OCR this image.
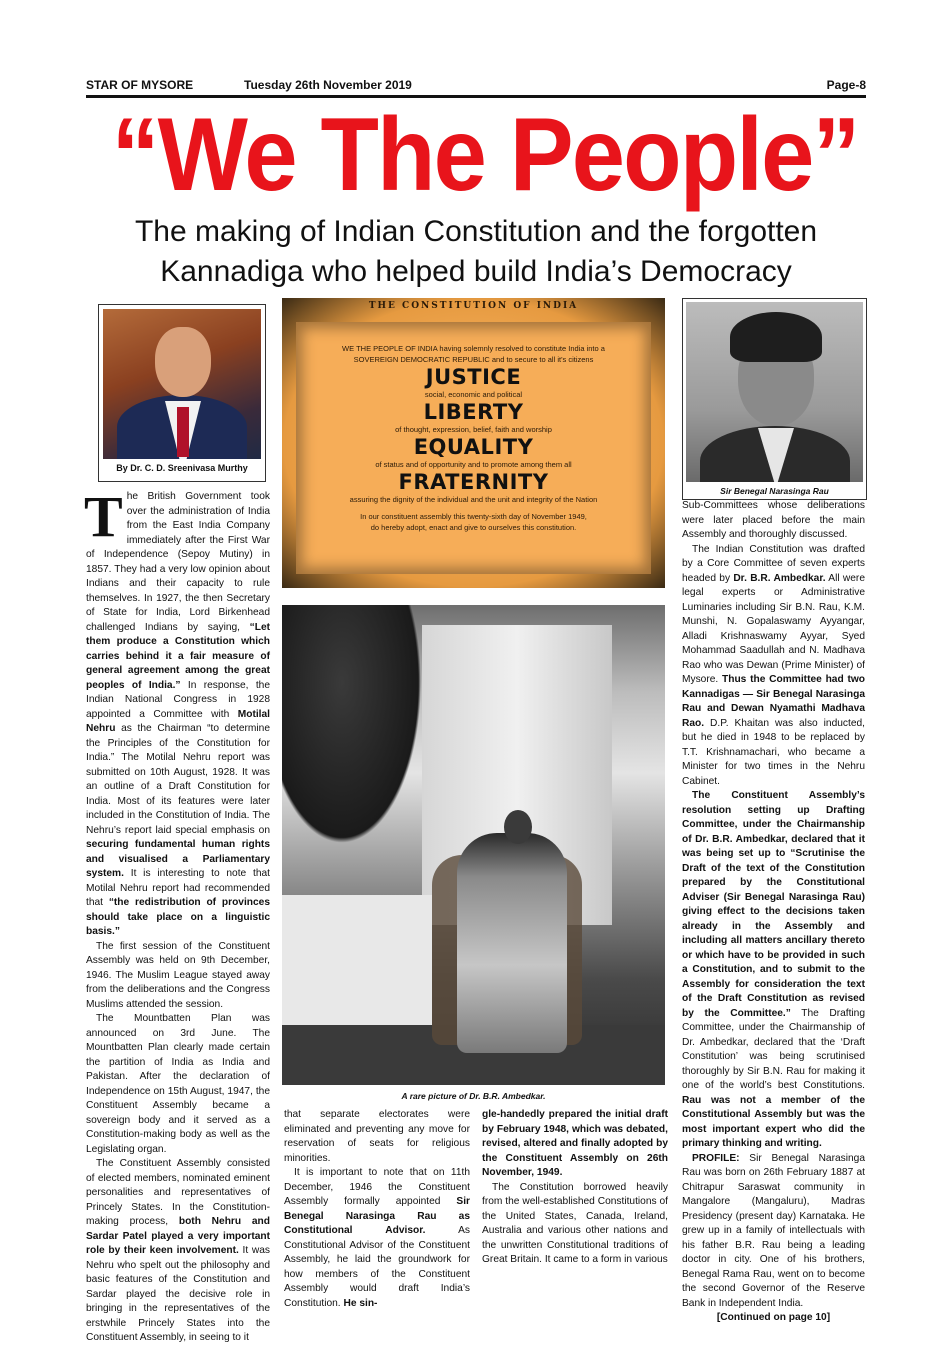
STAR OF MYSORE	Tuesday 26th November 2019	Page-8
“We The People”
The making of Indian Constitution and the forgotten
Kannadiga who helped build India’s Democracy
By Dr. C. D. Sreenivasa Murthy

The British Government took over the administration of India from the East India Company immediately after the First War of Independence (Sepoy Mutiny) in 1857. They had a very low opinion about Indians and their capacity to rule themselves. In 1927, the then Secretary of State for India, Lord Birkenhead challenged Indians by saying, “Let them produce a Constitution which carries behind it a fair measure of general agreement among the great peoples of India.” In response, the Indian National Congress in 1928 appointed a Committee with Motilal Nehru as the Chairman “to determine the Principles of the Constitution for India.” The Motilal Nehru report was submitted on 10th August, 1928. It was an outline of a Draft Constitution for India. Most of its features were later included in the Constitution of India. The Nehru’s report laid special emphasis on securing fundamental human rights and visualised a Parliamentary system. It is interesting to note that Motilal Nehru report had recommended that “the redistribution of provinces should take place on a linguistic basis.”

The first session of the Constituent Assembly was held on 9th December, 1946. The Muslim League stayed away from the deliberations and the Congress Muslims attended the session.

The Mountbatten Plan was announced on 3rd June. The Mountbatten Plan clearly made certain the partition of India as India and Pakistan. After the declaration of Independence on 15th August, 1947, the Constituent Assembly became a sovereign body and it served as a Constitution-making body as well as the Legislating organ.

The Constituent Assembly consisted of elected members, nominated eminent personalities and representatives of Princely States. In the Constitution-making process, both Nehru and Sardar Patel played a very important role by their keen involvement. It was Nehru who spelt out the philosophy and basic features of the Constitution and Sardar played the decisive role in bringing in the representatives of the erstwhile Princely States into the Constituent Assembly, in seeing to it

THE CONSTITUTION OF INDIA
WE THE PEOPLE OF INDIA having solemnly resolved to constitute India into a
SOVEREIGN DEMOCRATIC REPUBLIC and to secure to all it's citizens
JUSTICE
social, economic and political
LIBERTY
of thought, expression, belief, faith and worship
EQUALITY
of status and of opportunity and to promote among them all
FRATERNITY
assuring the dignity of the individual and the unit and integrity of the Nation
In our constituent assembly this twenty-sixth day of November 1949,
do hereby adopt, enact and give to ourselves this constitution.
A rare picture of Dr. B.R. Ambedkar.
Sir Benegal Narasinga Rau

that separate electorates were eliminated and preventing any move for reservation of seats for religious minorities.

It is important to note that on 11th December, 1946 the Constituent Assembly formally appointed Sir Benegal Narasinga Rau as Constitutional Advisor. As Constitutional Advisor of the Constituent Assembly, he laid the groundwork for how members of the Constituent Assembly would draft India’s Constitution. He sin-

gle-handedly prepared the initial draft by February 1948, which was debated, revised, altered and finally adopted by the Constituent Assembly on 26th November, 1949.

The Constitution borrowed heavily from the well-established Constitutions of the United States, Canada, Ireland, Australia and various other nations and the unwritten Constitutional traditions of Great Britain. It came to a form in various

Sub-Committees whose deliberations were later placed before the main Assembly and thoroughly discussed.

The Indian Constitution was drafted by a Core Committee of seven experts headed by Dr. B.R. Ambedkar. All were legal experts or Administrative Luminaries including Sir B.N. Rau, K.M. Munshi, N. Gopalaswamy Ayyangar, Alladi Krishnaswamy Ayyar, Syed Mohammad Saadullah and N. Madhava Rao who was Dewan (Prime Minister) of Mysore. Thus the Committee had two Kannadigas — Sir Benegal Narasinga Rau and Dewan Nyamathi Madhava Rao. D.P. Khaitan was also inducted, but he died in 1948 to be replaced by T.T. Krishnamachari, who became a Minister for two times in the Nehru Cabinet.

The Constituent Assembly’s resolution setting up Drafting Committee, under the Chairmanship of Dr. B.R. Ambedkar, declared that it was being set up to “Scrutinise the Draft of the text of the Constitution prepared by the Constitutional Adviser (Sir Benegal Narasinga Rau) giving effect to the decisions taken already in the Assembly and including all matters ancillary thereto or which have to be provided in such a Constitution, and to submit to the Assembly for consideration the text of the Draft Constitution as revised by the Committee.” The Drafting Committee, under the Chairmanship of Dr. Ambedkar, declared that the ‘Draft Constitution’ was being scrutinised thoroughly by Sir B.N. Rau for making it one of the world’s best Constitutions. Rau was not a member of the Constitutional Assembly but was the most important expert who did the primary thinking and writing.

PROFILE: Sir Benegal Narasinga Rau was born on 26th February 1887 at Chitrapur Saraswat community in Mangalore (Mangaluru), Madras Presidency (present day) Karnataka. He grew up in a family of intellectuals with his father B.R. Rau being a leading doctor in city. One of his brothers, Benegal Rama Rau, went on to become the second Governor of the Reserve Bank in Independent India.

[Continued on page 10]
